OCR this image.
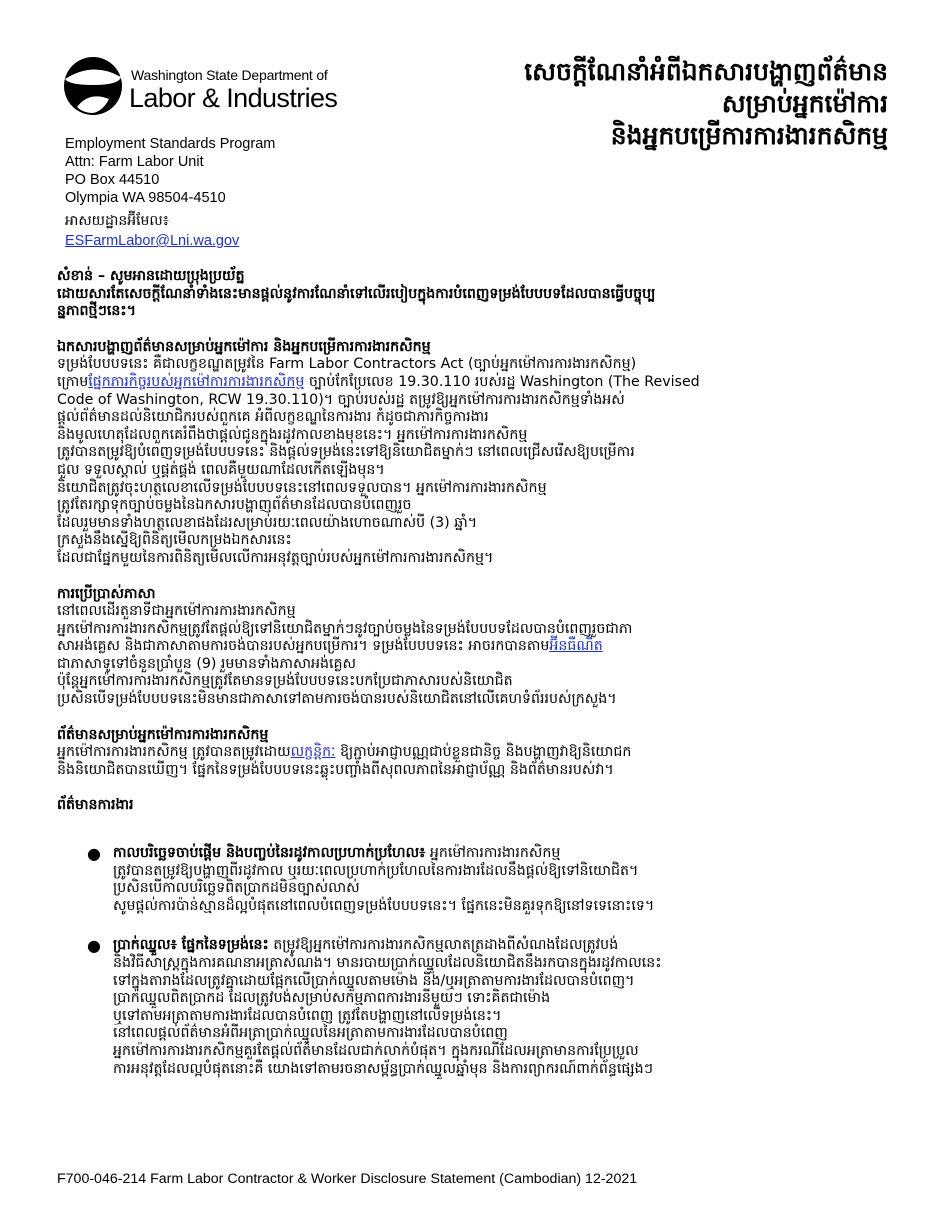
Washington State Department of
Labor & Industries
សេចក្តីណែនាំអំពីឯកសារបង្ហាញព័ត៌មាន
សម្រាប់អ្នកម៉ៅការ
និងអ្នកបម្រើការការងារកសិកម្ម
Employment Standards Program
Attn: Farm Labor Unit
PO Box 44510
Olympia WA 98504-4510
អាសយដ្ឋានអ៊ីមែល៖
ESFarmLabor@Lni.wa.gov

សំខាន់ – សូមអានដោយប្រុងប្រយ័ត្ន

ដោយសារតែសេចក្តីណែនាំទាំងនេះមានផ្តល់នូវការណែនាំទៅលើរបៀបក្នុងការបំពេញទម្រង់បែបបទដែលបានធ្វើបច្ចុប្ប
ន្នភាពថ្មីៗនេះ។

ឯកសារបង្ហាញព័ត៌មានសម្រាប់អ្នកម៉ៅការ និងអ្នកបម្រើការការងារកសិកម្ម

ទម្រង់បែបបទនេះ គឺជាលក្ខខណ្ឌតម្រូវនៃ Farm Labor Contractors Act (ច្បាប់អ្នកម៉ៅការការងារកសិកម្ម)
ក្រោមផ្នែកភារកិច្ចរបស់អ្នកម៉ៅការការងារកសិកម្ម ច្បាប់កែប្រែលេខ 19.30.110 របស់រដ្ឋ Washington (The Revised
Code of Washington, RCW 19.30.110)។ ច្បាប់របស់រដ្ឋ តម្រូវឱ្យអ្នកម៉ៅការការងារកសិកម្មទាំងអស់
ផ្តល់ព័ត៌មានដល់និយោជិករបស់ពួកគេ អំពីលក្ខខណ្ឌនៃការងារ កំដូចជាភារកិច្ចការងារ
និងមូលហេតុដែលពួកគេរំពឹងថាផ្តល់ជូនក្នុងរដូវកាលខាងមុខនេះ។ អ្នកម៉ៅការការងារកសិកម្ម
ត្រូវបានតម្រូវឱ្យបំពេញទម្រង់បែបបទនេះ និងផ្តល់ទម្រង់នេះទៅឱ្យនិយោជិតម្នាក់ៗ នៅពេលជ្រើសរើសឱ្យបម្រើការ
ជួល ទទួលស្គាល់ ឬផ្គត់ផ្គង់ ពេលគឺមួយណាដែលកើតឡើងមុន។
និយោជិតត្រូវចុះហត្ថលេខាលើទម្រង់បែបបទនេះនៅពេលទទួលបាន។ អ្នកម៉ៅការការងារកសិកម្ម
ត្រូវតែរក្សាទុកច្បាប់ចម្លងនៃឯកសារបង្ហាញព័ត៌មានដែលបានបំពេញរួច
ដែលរួមមានទាំងហត្ថលេខាផងដែរសម្រាប់រយៈពេលយ៉ាងហោចណាស់បី (3) ឆ្នាំ។
ក្រសួងនឹងស្នើឱ្យពិនិត្យមើលកម្រងឯកសារនេះ
ដែលជាផ្នែកមួយនៃការពិនិត្យមើលលើការអនុវត្តច្បាប់របស់អ្នកម៉ៅការការងារកសិកម្ម។

ការប្រើប្រាស់ភាសា

នៅពេលដើរតួនាទីជាអ្នកម៉ៅការការងារកសិកម្ម
អ្នកម៉ៅការការងារកសិកម្មត្រូវតែផ្តល់ឱ្យទៅនិយោជិតម្នាក់ៗនូវច្បាប់ចម្លងនៃទម្រង់បែបបទដែលបានបំពេញរួចជាភា
សាអង់គ្លេស និងជាភាសាតាមការចង់បានរបស់អ្នកបម្រើការ។ ទម្រង់បែបបទនេះ អាចរកបានតាមអ៊ីនធឺណិត
ជាភាសាទូទៅចំនួនប្រាំបួន (9) រួមមានទាំងភាសាអង់គ្លេស
ប៉ុន្តែអ្នកម៉ៅការការងារកសិកម្មត្រូវតែមានទម្រង់បែបបទនេះបកប្រែជាភាសារបស់និយោជិត
ប្រសិនបើទម្រង់បែបបទនេះមិនមានជាភាសាទៅតាមការចង់បានរបស់និយោជិតនៅលើគេហទំព័ររបស់ក្រសួង។

ព័ត៌មានសម្រាប់អ្នកម៉ៅការការងារកសិកម្ម

អ្នកម៉ៅការការងារកសិកម្ម ត្រូវបានតម្រូវដោយលក្ខន្តិកៈ ឱ្យភ្ជាប់អាជ្ញាបណ្ណជាប់ខ្លួនជានិច្ច និងបង្ហាញវាឱ្យនិយោជក
និងនិយោជិតបានឃើញ។ ផ្នែកនៃទម្រង់បែបបទនេះឆ្លុះបញ្ចាំងពីសុពលភាពនៃអាជ្ញាប័ណ្ណ និងព័ត៌មានរបស់វា។

ព័ត៌មានការងារ

● កាលបរិច្ឆេទចាប់ផ្តើម និងបញ្ចប់នៃរដូវកាលប្រហាក់ប្រហែល៖ អ្នកម៉ៅការការងារកសិកម្ម
ត្រូវបានតម្រូវឱ្យបង្ហាញពីរដូវកាល ឬរយៈពេលប្រហាក់ប្រហែលនៃការងារដែលនឹងផ្តល់ឱ្យទៅនិយោជិត។
ប្រសិនបើកាលបរិច្ឆេទពិតប្រាកដមិនច្បាស់លាស់
សូមផ្តល់ការប៉ាន់ស្មានដ៏ល្អបំផុតនៅពេលបំពេញទម្រង់បែបបទនេះ។ ផ្នែកនេះមិនគួរទុកឱ្យនៅទទេនោះទេ។
● ប្រាក់ឈ្នួល៖ ផ្នែកនៃទម្រង់នេះ តម្រូវឱ្យអ្នកម៉ៅការការងារកសិកម្មលាតត្រដាងពីសំណងដែលត្រូវបង់
និងវិធីសាស្ត្រក្នុងការគណនាអត្រាសំណង។ មានរបាយប្រាក់ឈ្នួលដែលនិយោជិតនឹងរកបានក្នុងរដូវកាលនេះ
ទៅក្នុងតារាងដែលត្រូវគ្នាដោយផ្អែកលើប្រាក់ឈ្នួលតាមម៉ោង និង/ឬអត្រាតាមការងារដែលបានបំពេញ។
ប្រាក់ឈ្នួលពិតប្រាកដ ដែលត្រូវបង់សម្រាប់សកម្មភាពការងារនីមួយៗ ទោះគិតជាម៉ោង
ឬទៅតាមអត្រាតាមការងារដែលបានបំពេញ ត្រូវតែបង្ហាញនៅលើទម្រង់នេះ។
នៅពេលផ្តល់ព័ត៌មានអំពីអត្រាប្រាក់ឈ្នួលនៃអត្រាតាមការងារដែលបានបំពេញ
អ្នកម៉ៅការការងារកសិកម្មគួរតែផ្តល់ព័ត៌មានដែលជាក់លាក់បំផុត។ ក្នុងករណីដែលអត្រាមានការប្រែប្រួល
ការអនុវត្តដែលល្អបំផុតនោះគឺ យោងទៅតាមរចនាសម្ព័ន្ធប្រាក់ឈ្នួលឆ្នាំមុន និងការព្យាករណ៍ពាក់ព័ន្ធផ្សេងៗ
F700-046-214 Farm Labor Contractor & Worker Disclosure Statement (Cambodian) 12-2021
